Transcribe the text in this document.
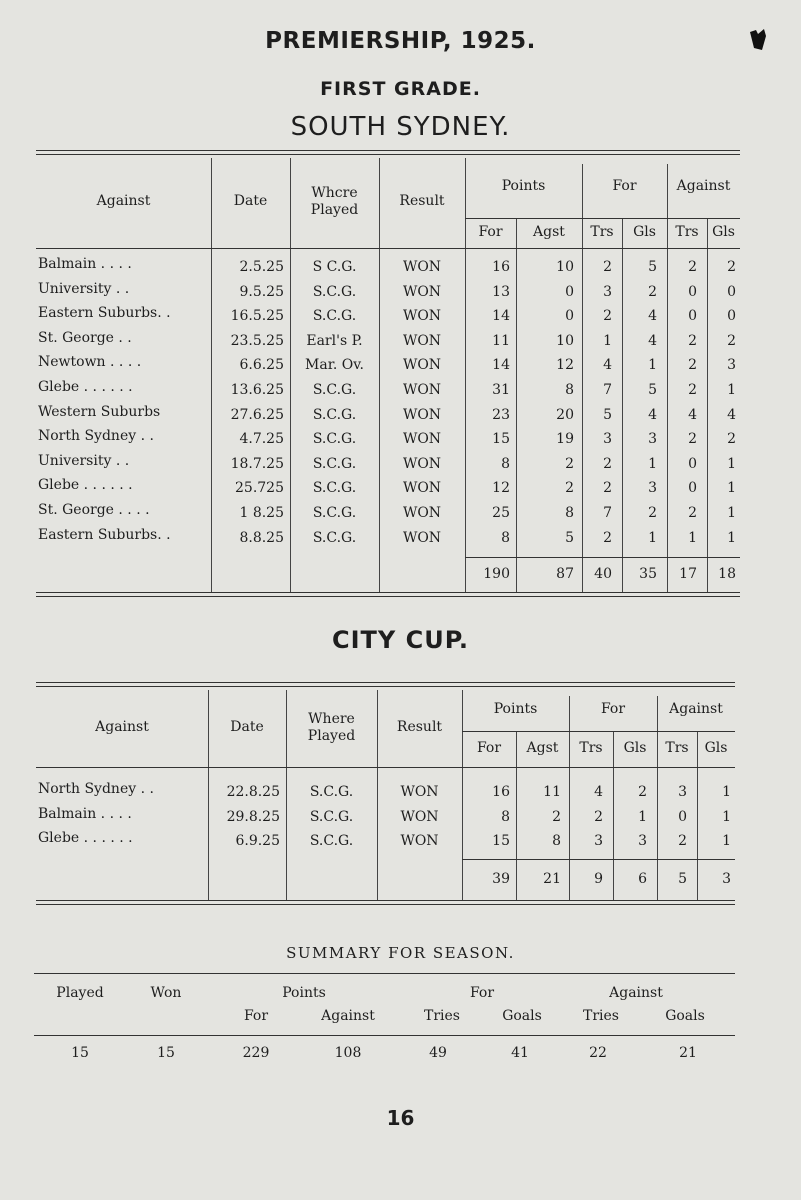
PREMIERSHIP, 1925.
FIRST GRADE.
SOUTH SYDNEY.
Against	Date	Whcre Played
Result
Points	For	Against
For	Agst	Trs	Gls	Trs Gls
Balmain . . . .	2.5.25	S C.G.	WON	16	10	2	5	2	2
University . .	9.5.25	S.C.G.	WON	13	0	3	2	0	0
Eastern Suburbs. .	16.5.25	S.C.G.	WON	14	0	2	4	0	0
St. George . .	23.5.25	Earl's P.	WON	11	10	1	4	2	2
Newtown . . . .	6.6.25	Mar. Ov.	WON	14	12	4	1	2	3
Glebe . . . . . .	13.6.25	S.C.G.	WON	31	8	7	5	2	1
Western Suburbs	27.6.25	S.C.G.	WON	23	20	5	4	4	4
North Sydney . .	4.7.25	S.C.G.	WON	15	19	3	3	2	2
University . .	18.7.25	S.C.G.	WON	8	2	2	1	0	1
Glebe . . . . . .	25.725	S.C.G.	WON	12	2	2	3	0	1
St. George . . . .	1 8.25	S.C.G.	WON	25	8	7	2	2	1
Eastern Suburbs. .	8.8.25	S.C.G.	WON	8	5	2	1	1	1
190	87	40	35	17	18
CITY CUP.
Against	Date	Where Played
Result
Points	For	Against
For	Agst	Trs	Gls	Trs	Gls
North Sydney . .	22.8.25	S.C.G.	WON	16	11	4	2	3	1
Balmain . . . .	29.8.25	S.C.G.	WON	8	2	2	1	0	1
Glebe . . . . . .	6.9.25	S.C.G.	WON	15	8	3	3	2	1
39	21	9	6	5	3
SUMMARY FOR SEASON.
Played	Won	Points	For	Against
For	Against	Tries	Goals	Tries	Goals
15	15	229	108	49	41	22	21
16
